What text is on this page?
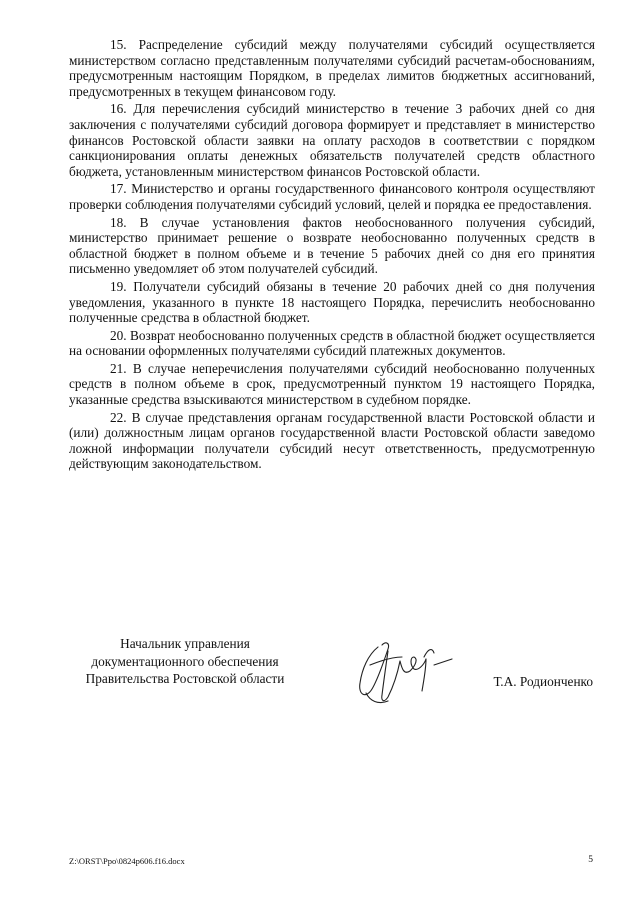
15. Распределение субсидий между получателями субсидий осуществляется министерством согласно представленным получателями субсидий расчетам-обоснованиям, предусмотренным настоящим Порядком, в пределах лимитов бюджетных ассигнований, предусмотренных в текущем финансовом году.

16. Для перечисления субсидий министерство в течение 3 рабочих дней со дня заключения с получателями субсидий договора формирует и представляет в министерство финансов Ростовской области заявки на оплату расходов в соответствии с порядком санкционирования оплаты денежных обязательств получателей средств областного бюджета, установленным министерством финансов Ростовской области.

17. Министерство и органы государственного финансового контроля осуществляют проверки соблюдения получателями субсидий условий, целей и порядка ее предоставления.

18. В случае установления фактов необоснованного получения субсидий, министерство принимает решение о возврате необоснованно полученных средств в областной бюджет в полном объеме и в течение 5 рабочих дней со дня его принятия письменно уведомляет об этом получателей субсидий.

19. Получатели субсидий обязаны в течение 20 рабочих дней со дня получения уведомления, указанного в пункте 18 настоящего Порядка, перечислить необоснованно полученные средства в областной бюджет.

20. Возврат необоснованно полученных средств в областной бюджет осуществляется на основании оформленных получателями субсидий платежных документов.

21. В случае неперечисления получателями субсидий необоснованно полученных средств в полном объеме в срок, предусмотренный пунктом 19 настоящего Порядка, указанные средства взыскиваются министерством в судебном порядке.

22. В случае представления органам государственной власти Ростовской области и (или) должностным лицам органов государственной власти Ростовской области заведомо ложной информации получатели субсидий несут ответственность, предусмотренную действующим законодательством.

Начальник управления
документационного обеспечения
Правительства Ростовской области	Т.А. Родионченко
Z:\ORST\Ppo\0824p606.f16.docx	5
